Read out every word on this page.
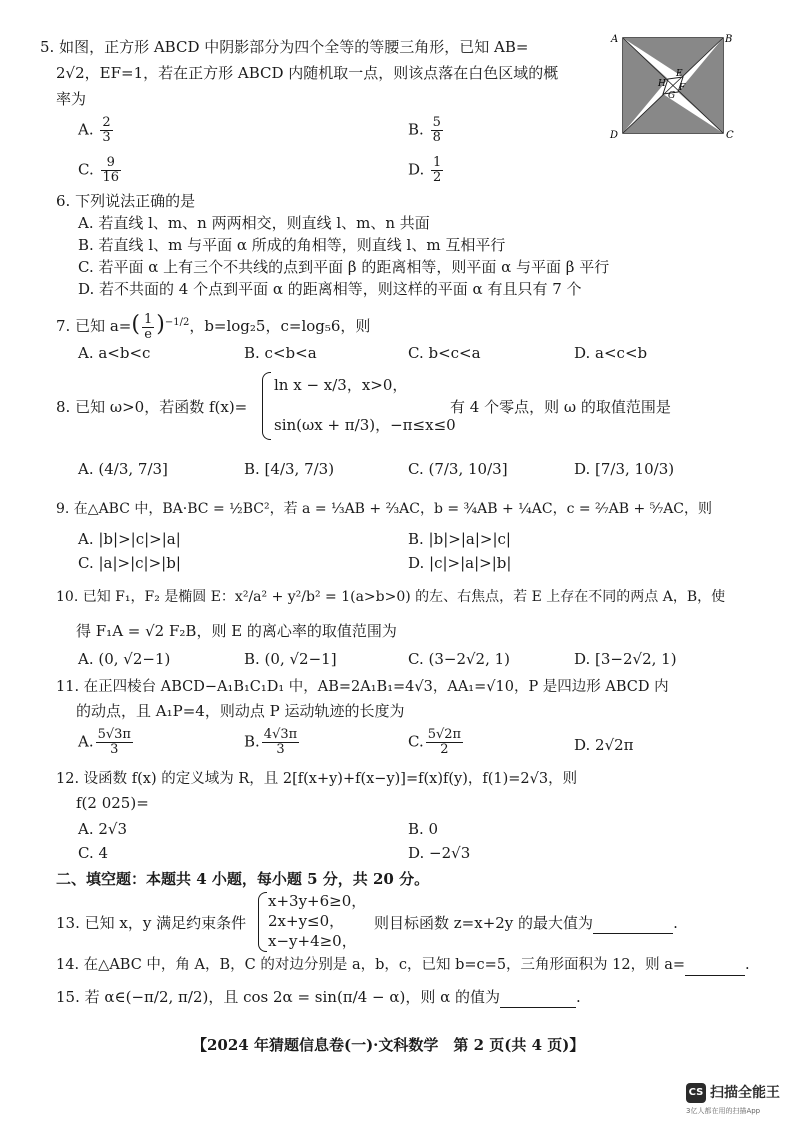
A	B
C
D
E
F
G
H
5. 如图，正方形 ABCD 中阴影部分为四个全等的等腰三角形，已知 AB=
2√2，EF=1，若在正方形 ABCD 内随机取一点，则该点落在白色区域的概
率为
A. $\frac{2}{3}$	B. $\frac{5}{8}$
C. $\frac{9}{16}$	D. $\frac{1}{2}$
6. 下列说法正确的是
A. 若直线 l、m、n 两两相交，则直线 l、m、n 共面
B. 若直线 l、m 与平面 α 所成的角相等，则直线 l、m 互相平行
C. 若平面 α 上有三个不共线的点到平面 β 的距离相等，则平面 α 与平面 β 平行
D. 若不共面的 4 个点到平面 α 的距离相等，则这样的平面 α 有且只有 7 个
7. 已知 $a=( \frac{1}{e} )^{-1/2}$，b=log₂5，c=log₅6，则
A. a<b<c	B. c<b<a	C. b<c<a	D. a<c<b
8. 已知 ω>0，若函数 f(x)=
ln x − x/3，x>0，
sin(ωx + π/3)，−π≤x≤0
有 4 个零点，则 ω 的取值范围是
A. (4/3, 7/3]	B. [4/3, 7/3)	C. (7/3, 10/3]	D. [7/3, 10/3)
9. 在△ABC 中，BA·BC = ½BC²，若 a = ⅓AB + ⅔AC，b = ¾AB + ¼AC，c = ²⁄₇AB + ⁵⁄₇AC，则
A. |b|>|c|>|a|	B. |b|>|a|>|c|
C. |a|>|c|>|b|	D. |c|>|a|>|b|
10. 已知 F₁，F₂ 是椭圆 E：x²/a² + y²/b² = 1(a>b>0) 的左、右焦点，若 E 上存在不同的两点 A，B，使
得 F₁A = √2 F₂B，则 E 的离心率的取值范围为
A. (0, √2−1)	B. (0, √2−1]	C. (3−2√2, 1)	D. [3−2√2, 1)
11. 在正四棱台 ABCD−A₁B₁C₁D₁ 中，AB=2A₁B₁=4√3，AA₁=√10，P 是四边形 ABCD 内
的动点，且 A₁P=4，则动点 P 运动轨迹的长度为
A. $\frac{5√3\pi}{3}$	B. $\frac{4√3\pi}{3}$	C. $\frac{5√2\pi}{2}$	D. 2√2π
12. 设函数 f(x) 的定义域为 R，且 2[f(x+y)+f(x−y)]=f(x)f(y)，f(1)=2√3，则
f(2 025)=
A. 2√3	B. 0
C. 4	D. −2√3
二、填空题：本题共 4 小题，每小题 5 分，共 20 分。
13. 已知 x，y 满足约束条件
x+3y+6≥0，
2x+y≤0，
x−y+4≥0，
则目标函数 z=x+2y 的最大值为	.
14. 在△ABC 中，角 A，B，C 的对边分别是 a，b，c，已知 b=c=5，三角形面积为 12，则 a=	.
15. 若 α∈(−π/2, π/2)，且 cos 2α = sin(π/4 − α)，则 α 的值为	.
【2024 年猜题信息卷(一)·文科数学　第 2 页(共 4 页)】
CS 扫描全能王
3亿人都在用的扫描App
